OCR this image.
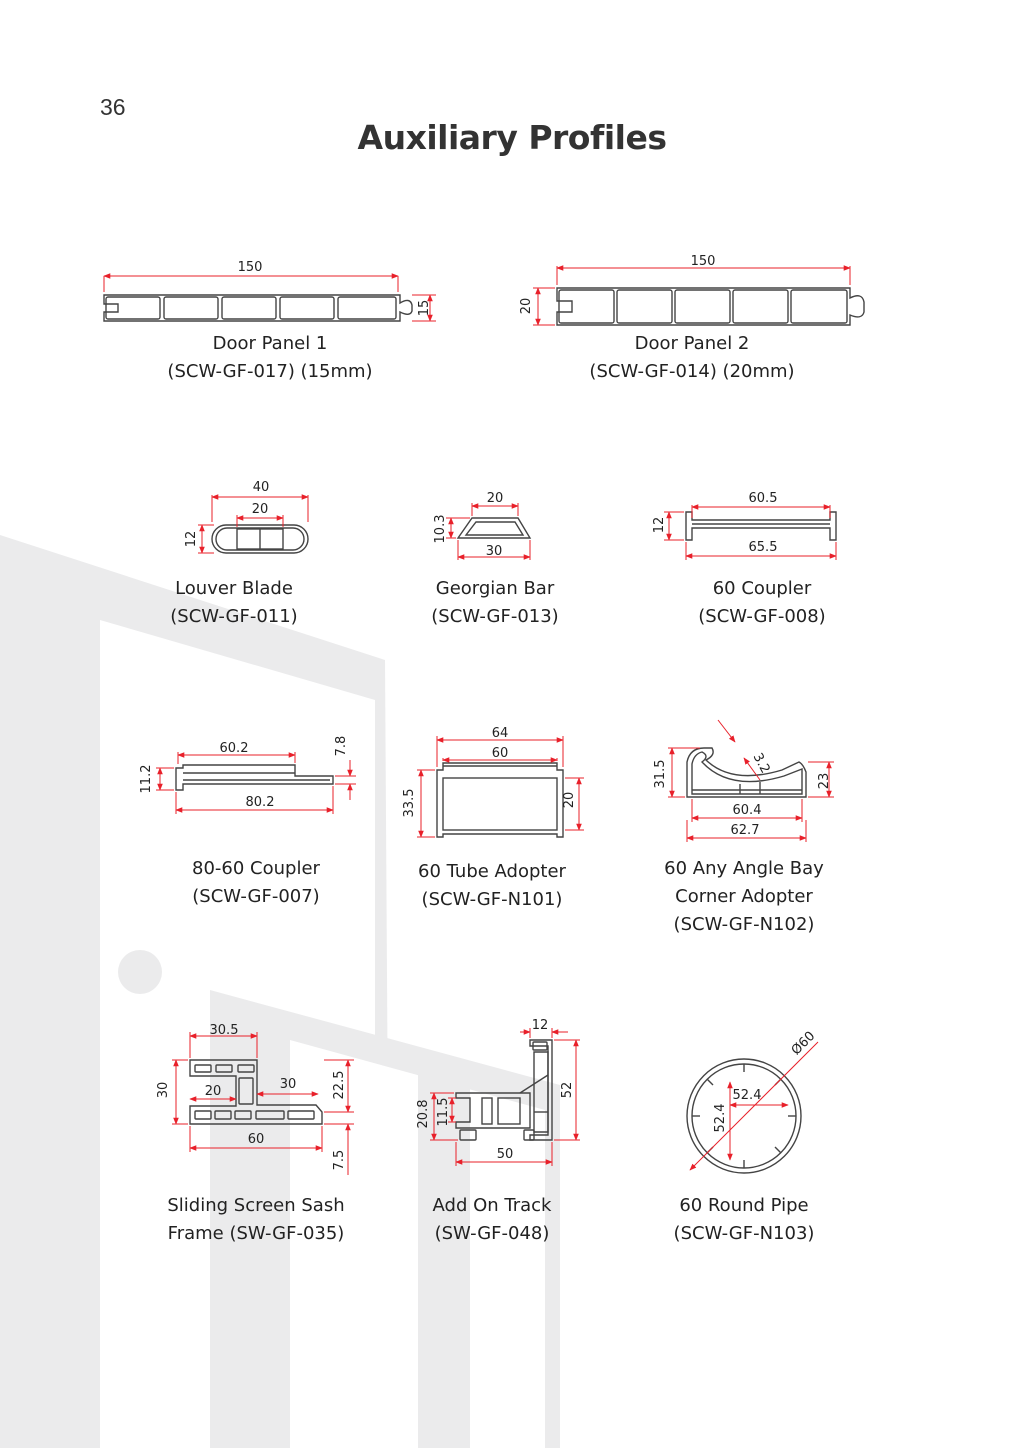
36
Auxiliary Profiles
150
15
150
20
40
20
12
20
10.3
30
60.5
12
65.5
60.2	7.8
11.2
80.2
64
60
33.5	20
3.2
31.5	23
60.4
62.7
30.5
30	20	30	22.5
60
7.5
12
52
20.8 11.5
50
Ø60
52.4
52.4
Door Panel 1
(SCW-GF-017) (15mm)
Door Panel 2
(SCW-GF-014) (20mm)
Louver Blade
(SCW-GF-011)
Georgian Bar
(SCW-GF-013)
60 Coupler
(SCW-GF-008)
80-60 Coupler
(SCW-GF-007)
60 Tube Adopter
(SCW-GF-N101)
60 Any Angle Bay
Corner Adopter
(SCW-GF-N102)
Sliding Screen Sash
Frame (SW-GF-035)
Add On Track
(SW-GF-048)
60 Round Pipe
(SCW-GF-N103)
